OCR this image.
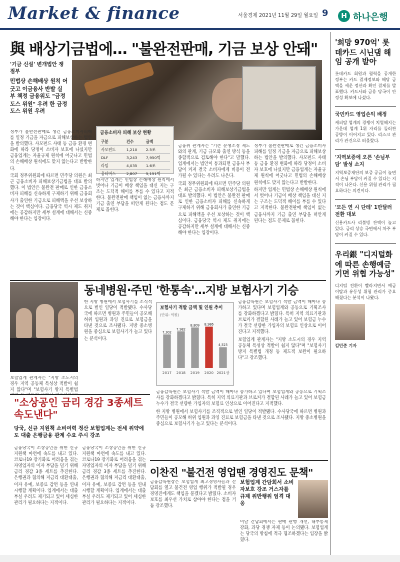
Market & finance	서울경제 2021년 11월 29일 월요일 9	H 하나은행
與 배상기금법에… "불완전판매, 기금 보상 안돼"
'기금 신설' 변개법안 쟁 점부
민법상 손해배상 원칙 어긋고 이금융사 반발 실 부 책정 금융위도 "금정도스 위원" 우려 한 금정도스 위원 우려

정부가 불완전판매로 생긴 금융소비자피해를 일정 기금을 자금으로 피해보상하는 법안을 발의했다. 사모펀드 사태 등 금융 환경 변화에 따라 당정이 소비자 보호에 나섰지만 금융업계는 자율규제 원칙에 어긋나고 민법의 손해배상 원칙에도 맞지 않는다고 반발한다.

국회 정무위원회에 따르면 민주당 의원은 최근 금융소비자 피해보상기금법을 대표 발의했다. 이 법안은 불완전 판매로 인한 금융소비자 피해를 신속하게 구제하기 위해 금융회사가 출연한 기금으로 피해액을 우선 보상하는 것이 핵심이다. 금융당국 역시 제도 취지에는 공감하지만 세부 설계에 대해서는 신중해야 한다는 입장이다.

금융소비자 피해 보상 현황
구분	건수	금액
사모펀드	1,210	2.5조
DLF	3,243	7,950억
라임	4,035	1.6조
옵티머스	2,807	5,151억

하지만 업계는 민법상 손해배상 원칙에서 벗어나 기금이 배상 책임을 대신 지는 구조는 도덕적 해이를 부를 수 있다고 지적한다. 불완전판매 책임이 없는 금융사까지 기금 출연 부담을 떠안게 된다는 점도 문제로 꼽힌다.

금융위 관계자는 "기존 분쟁조정 제도와의 관계, 기금 규모와 출연 방식 등을 종합적으로 검토해야 한다"고 말했다. 업계에서는 법안이 통과되면 금융사 부담이 커져 결국 소비자에게 비용이 전가될 수 있다는 우려도 나온다.

국회 정무위원회에 따르면 민주당 의원은 최근 금융소비자 피해보상기금법을 대표 발의했다. 이 법안은 불완전 판매로 인한 금융소비자 피해를 신속하게 구제하기 위해 금융회사가 출연한 기금으로 피해액을 우선 보상하는 것이 핵심이다. 금융당국 역시 제도 취지에는 공감하지만 세부 설계에 대해서는 신중해야 한다는 입장이다.

정부가 불완전판매로 생긴 금융소비자피해를 일정 기금을 자금으로 피해보상하는 법안을 발의했다. 사모펀드 사태 등 금융 환경 변화에 따라 당정이 소비자 보호에 나섰지만 금융업계는 자율규제 원칙에 어긋나고 민법의 손해배상 원칙에도 맞지 않는다고 반발한다.

하지만 업계는 민법상 손해배상 원칙에서 벗어나 기금이 배상 책임을 대신 지는 구조는 도덕적 해이를 부를 수 있다고 지적한다. 불완전판매 책임이 없는 금융사까지 기금 출연 부담을 떠안게 된다는 점도 문제로 꼽힌다.

동네병원·주민 '한통속'…지방 보험사기 기승

한 지방 병원에서 보험사기를 조직적으로 벌인 일당이 적발됐다. 수사당국에 따르면 병원과 주민들이 공모해 허위 입원과 과잉 진료로 보험금을 타낸 것으로 조사됐다. 지방 중소병원을 중심으로 보험사기가 늘고 있다는 분석이다.

보험사기 적발 금액 및 인원 추이
(단위: 억원)
2017
7,302
2018
7,982
2019
8,809
2020
8,986
2021상
4,523

금융감독원은 보험사기 적발 금액이 해마다 증가하고 있다며 보험업계와 공동으로 기획조사를 강화하겠다고 밝혔다. 특히 지역 의료기관과 브로커가 결합된 사례가 늘고 있어 보험금 누수가 결국 선량한 가입자의 보험료 인상으로 이어진다고 지적했다.

보험업계 관계자는 "지방 소도시의 경우 지역 공동체 특성상 적발이 쉽지 않다"며 "보험사기 방지 특별법 개정 등 제도적 보완이 필요하다"고 강조했다.

보험업계 관계자는 "지방 소도시의 경우 지역 공동체 특성상 적발이 쉽지 않다"며 "보험사기 방지 특별법	금융감독원은 보험사기 적발 금액이 해마다 증가하고 있다며 보험업계와 공동으로 기획조사를 강화하겠다고 밝혔다. 특히 지역 의료기관과 브로커가 결합된 사례가 늘고 있어 보험금 누수가 결국 선량한 가입자의 보험료 인상으로 이어진다고 지적했다.

한 지방 병원에서 보험사기를 조직적으로 벌인 일당이 적발됐다. 수사당국에 따르면 병원과 주민들이 공모해 허위 입원과 과잉 진료로 보험금을 타낸 것으로 조사됐다. 지방 중소병원을 중심으로 보험사기가 늘고 있다는 분석이다.

"소상공인 금리 경감 3종세트 속도낸다"
당국, 신규 지원책 소비여력 정산 보험업계는 전세 위약에도 대출 은행금융 관계 수요 주시 강조

금융당국이 소상공인을 위한 신규 지원책 마련에 속도를 내고 있다. 코로나19 장기화로 어려움을 겪는 자영업자의 이자 부담을 덜기 위해 금리 경감 3종 세트를 추진한다. 은행권과 협의해 저금리 대환대출, 이자 유예, 보증료 감면 등을 연내 시행할 계획이다. 업계에서는 대출 부실 우려도 제기되고 있어 세심한 관리가 필요하다는 지적이다.

금융당국이 소상공인을 위한 신규 지원책 마련에 속도를 내고 있다. 코로나19 장기화로 어려움을 겪는 자영업자의 이자 부담을 덜기 위해 금리 경감 3종 세트를 추진한다. 은행권과 협의해 저금리 대환대출, 이자 유예, 보증료 감면 등을 연내 시행할 계획이다. 업계에서는 대출 부실 우려도 제기되고 있어 세심한 관리가 필요하다는 지적이다.

이찬진 "불건전 영업땐 경영진도 문책"

금융감독원장은 보험업계 최고경영자들과 간담회를 열고 불건전 영업 행위가 적발될 경우 경영진에게도 책임을 묻겠다고 밝혔다. 소비자 보호를 최우선 가치로 삼아야 한다는 점을 거듭 강조했다.

보험업계 간담회서 소비자보호 강조 거스자를 규제 위반행위 엄격 대응

이날 간담회에서는 판매 관행 개선, 내부통제 강화, 과당 경쟁 자제 등이 논의됐다. 보험업계는 당국의 방침에 적극 협조하겠다는 입장을 밝혔다.

'희망 970억' 롯데카드 시닌댐 해임 공개 발아
롯데카드 회원과 협력을 공개한 정부는 카드 결제정보와 해당 금액을 세운 정산과 확인 결제를 발표했다. 카드사와 금융 당국이 안정성 확보에 나섰다.
국민카드 영업손익 배정
캐피탈 업계의 경쟁이 치열해지는 가운데 업계 1위 자리를 둘러싼 공방이 이어지고 있다. 리스크 관리가 관건으로 떠올랐다.
'지역보증에 오픈 '손님부담' 발성 소지
지역보증재단의 보증 공급이 늘면서 손님 부담이 커질 수 있다는 지적이 나온다. 신용 위험 관리가 필요하다는 의견이다.
'모든 연 시 단테' 1만달러 전환 대보
신용카드사 리볼빙 잔액이 늘고 있다. 금리 상승 국면에서 차주 부담이 커질 수 있다.
우리銀 "디지털화에 따른 손행예금 기면 위협 가능성"
디지털 전환이 빨라지면서 예금 이탈과 유동성 위험 관리가 중요해졌다는 분석이 나왔다.
김민준 기자
